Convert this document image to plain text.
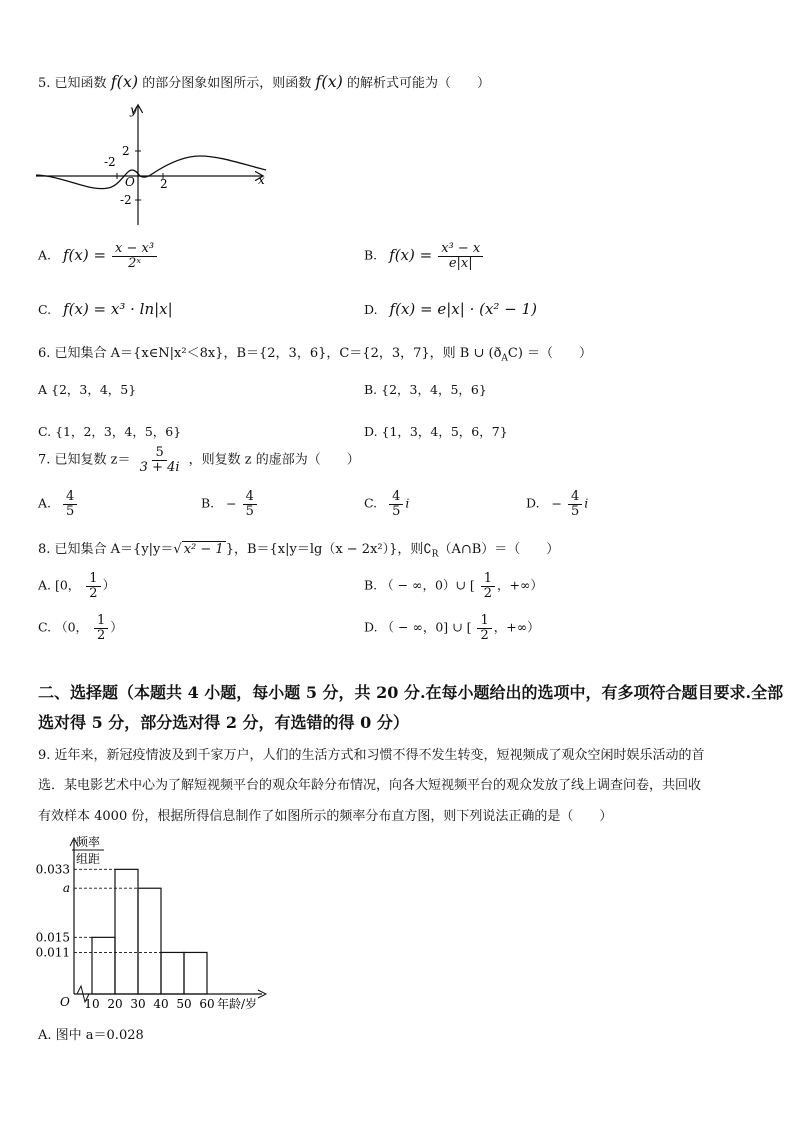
5. 已知函数 f(x) 的部分图象如图所示，则函数 f(x) 的解析式可能为（　　）
y
x
O
-2
2
2
-2
A. $f(x) = \frac{\text{x − x³}}{\text{2ˣ}}$	B. $f(x) = \frac{\text{x³ − x}}{e|x|}$
C. f(x) = x³ · ln|x|	D. f(x) = e|x| · (x² − 1)
6. 已知集合 A＝{x∈N|x²＜8x}，B＝{2，3，6}，C＝{2，3，7}，则 B ∪ $(ð_AC)$ ＝（　　）
A {2，3，4，5}	B. {2，3，4，5，6}
C. {1，2，3，4，5，6}	D. {1，3，4，5，6，7}
7. 已知复数 $z= \frac{5}{3 + 4i}$ ，则复数 z 的虚部为（　　）
A. $\frac{4}{5}$	B. − $\frac{4}{5}$	C. $\frac{4}{5}$ i	D. − $\frac{4}{5}$ i
8. 已知集合 A＝{y|y＝√ x² − 1 }，B＝{x|y＝lg（x − 2x²）}，则$∁_R(A\cap B)=$（　　）
A. [0， $\frac{1}{2}$ ）	B. （ − ∞，0）∪ [ $\frac{1}{2}$ ，+∞）
C. （0， $\frac{1}{2}$ ）	D. （ − ∞，0] ∪ [ $\frac{1}{2}$ ，+∞）
二、选择题（本题共 4 小题，每小题 5 分，共 20 分.在每小题给出的选项中，有多项符合题目要求.全部
选对得 5 分，部分选对得 2 分，有选错的得 0 分）
9. 近年来，新冠疫情波及到千家万户，人们的生活方式和习惯不得不发生转变，短视频成了观众空闲时娱乐活动的首
选．某电影艺术中心为了解短视频平台的观众年龄分布情况，向各大短视频平台的观众发放了线上调查问卷，共回收
有效样本 4000 份，根据所得信息制作了如图所示的频率分布直方图，则下列说法正确的是（　　）
0.033
a
0.015
0.011
10 20 30 40 50 60
O	年龄/岁
频率
组距
A. 图中 a＝0.028
